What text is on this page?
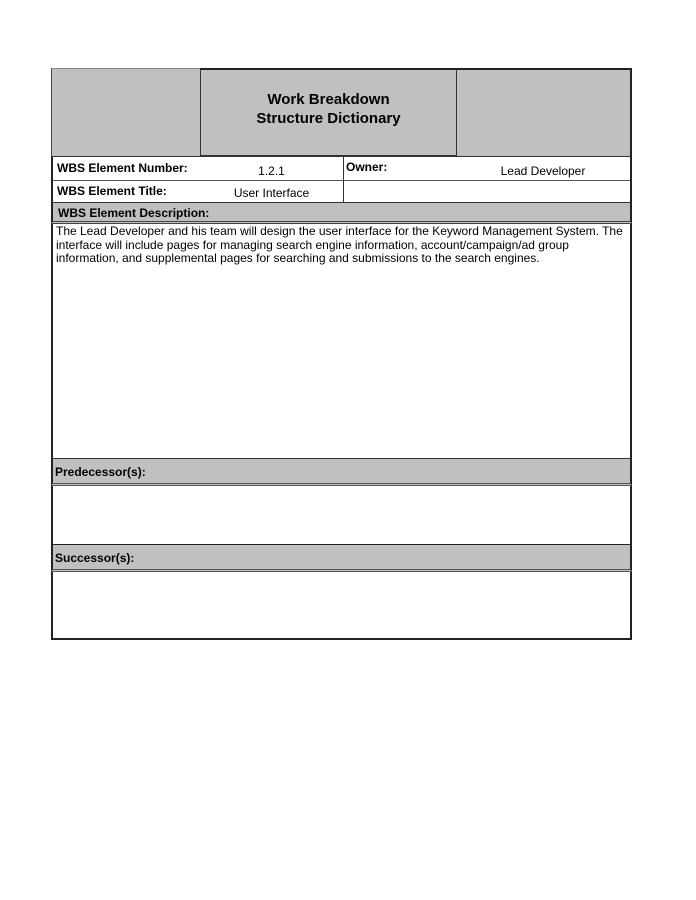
Work Breakdown
Structure Dictionary
WBS Element Number:	1.2.1	Owner:	Lead Developer
WBS Element Title:	User Interface
WBS Element Description:
The Lead Developer and his team will design the user interface for the Keyword Management System. The interface will include pages for managing search engine information, account/campaign/ad group information, and supplemental pages for searching and submissions to the search engines.
Predecessor(s):
Successor(s):
